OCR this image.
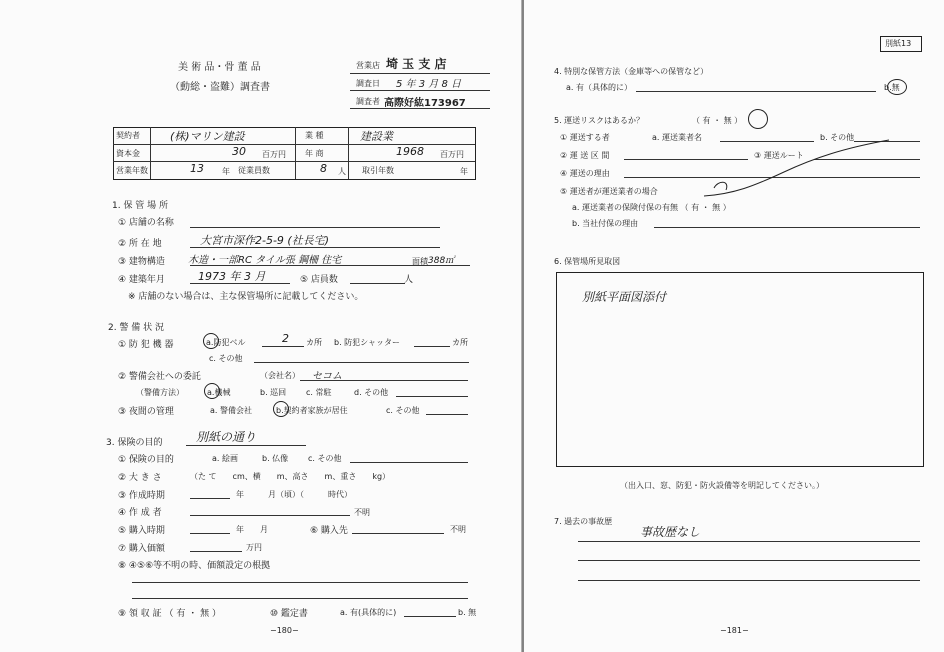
美 術 品・骨 董 品
（動総・盗難）調査書
営業店 埼 玉 支 店
調査日 5 年 3 月 8 日
調査者 高際好紘173967
契約者	(株)マリン建設	業 種	建設業
資本金	30 百万円 年 商	1968 百万円
営業年数	13 年 従業員数	8 人 取引年数	年
1. 保 管 場 所
① 店舗の名称
② 所 在 地	大宮市深作2-5-9 (社長宅)
③ 建物構造 木造・一部RC タイル張 鋼柵 住宅	面積 388㎡
④ 建築年月	1973 年 3 月	⑤ 店員数	人
※ 店舗のない場合は、主な保管場所に記載してください。
2. 警 備 状 況
① 防 犯 機 器	a.防犯ベル	2 カ所 b. 防犯シャッター	カ所
c. その他
② 警備会社への委託	（会社名） セコム
（警備方法）	a.機械	b. 巡回 c. 常駐	d. その他
③ 夜間の管理	a. 警備会社	b.契約者家族が居住	c. その他
3. 保険の目的	別紙の通り
① 保険の目的	a. 絵画	b. 仏像 c. その他
② 大 き さ	（た て　　cm、横　　m、高さ　　m、重さ　　kg）
③ 作成時期	年　　　月（頃）（　　　時代）
④ 作 成 者	不明
⑤ 購入時期	年　　月	⑥ 購入先	不明
⑦ 購入価額	万円
⑧ ④⑤⑥等不明の時、価額設定の根拠
⑨ 領 収 証 （ 有 ・ 無 ）	⑩ 鑑定書	a. 有(具体的に)	b. 無
−180−
別紙13
4. 特別な保管方法（金庫等への保管など）
a. 有（具体的に）	b.無
5. 運送リスクはあるか？	（ 有 ・ 無 ）
① 運送する者	a. 運送業者名	b. その他
② 運 送 区 間	③ 運送ルート
④ 運送の理由
⑤ 運送者が運送業者の場合
a. 運送業者の保険付保の有無 （ 有 ・ 無 ）
b. 当社付保の理由
6. 保管場所見取図
別紙平面図添付
（出入口、窓、防犯・防火設備等を明記してください。）
7. 過去の事故歴
事故歴なし
−181−
